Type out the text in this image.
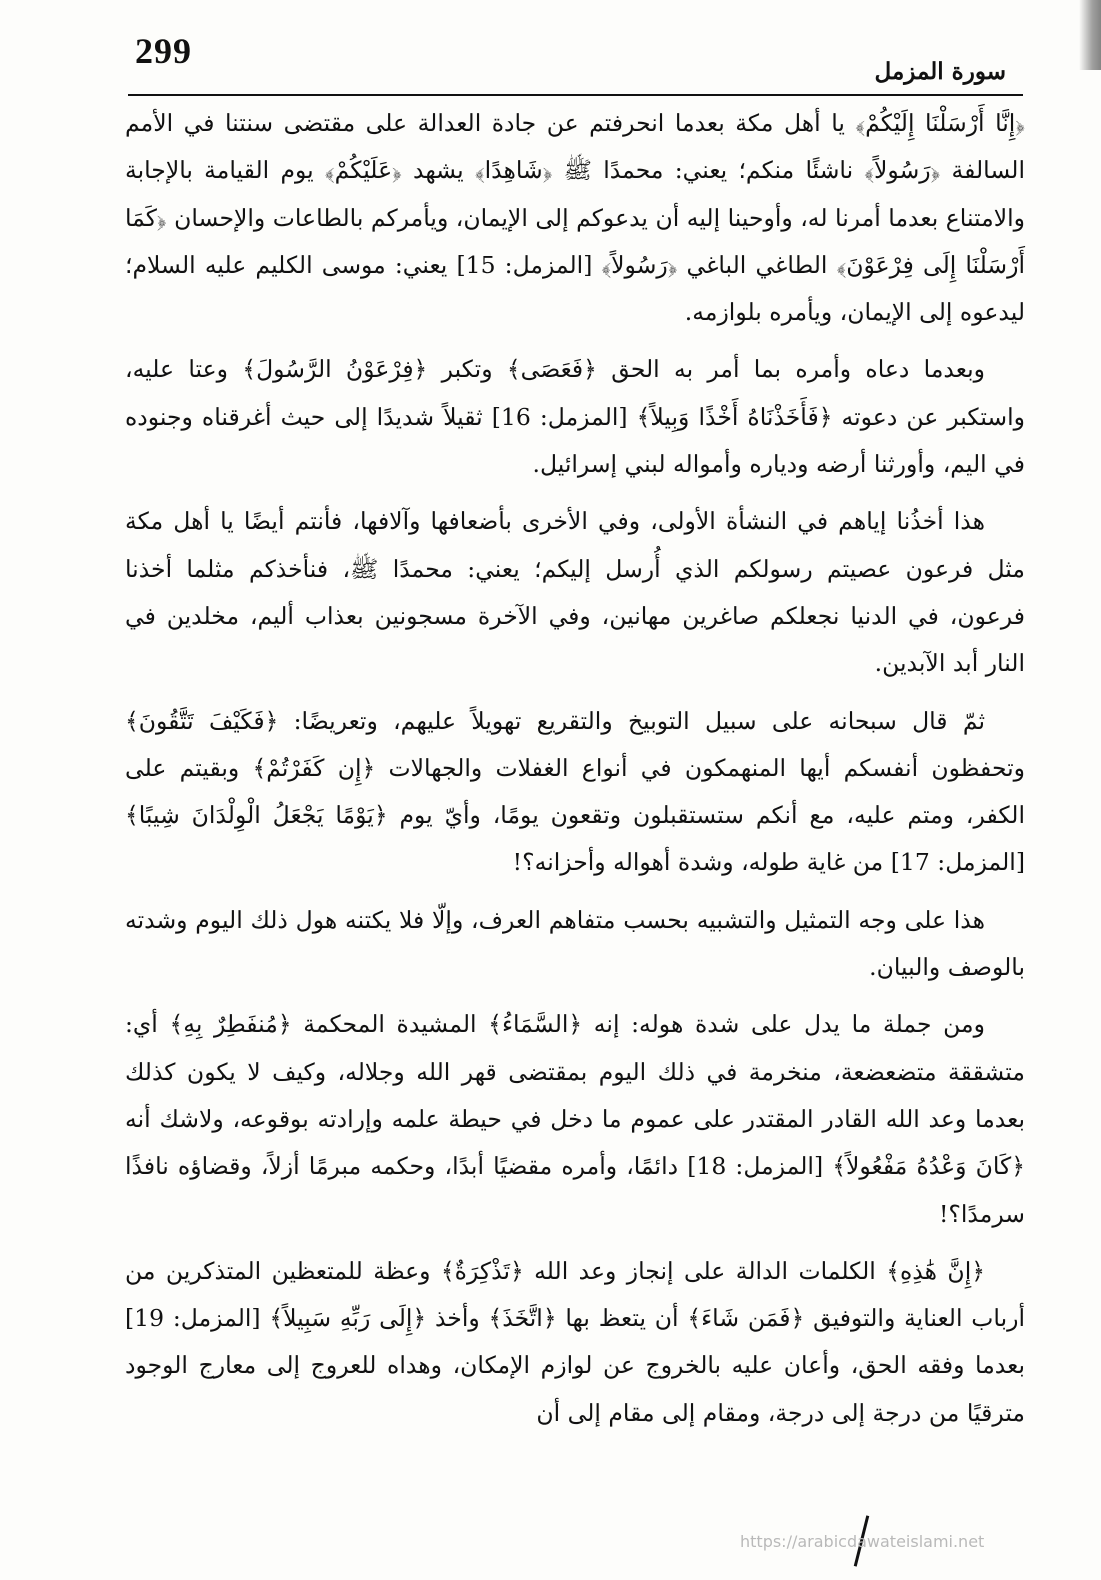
299
سورة المزمل

﴿إِنَّا أَرْسَلْنَا إِلَيْكُمْ﴾ يا أهل مكة بعدما انحرفتم عن جادة العدالة على مقتضى سنتنا في الأمم السالفة ﴿رَسُولاً﴾ ناشئًا منكم؛ يعني: محمدًا ﷺ ﴿شَاهِدًا﴾ يشهد ﴿عَلَيْكُمْ﴾ يوم القيامة بالإجابة والامتناع بعدما أمرنا له، وأوحينا إليه أن يدعوكم إلى الإيمان، ويأمركم بالطاعات والإحسان ﴿كَمَا أَرْسَلْنَا إِلَى فِرْعَوْنَ﴾ الطاغي الباغي ﴿رَسُولاً﴾ [المزمل: 15] يعني: موسى الكليم عليه السلام؛ ليدعوه إلى الإيمان، ويأمره بلوازمه.

وبعدما دعاه وأمره بما أمر به الحق ﴿فَعَصَى﴾ وتكبر ﴿فِرْعَوْنُ الرَّسُولَ﴾ وعتا عليه، واستكبر عن دعوته ﴿فَأَخَذْنَاهُ أَخْذًا وَبِيلاً﴾ [المزمل: 16] ثقيلاً شديدًا إلى حيث أغرقناه وجنوده في اليم، وأورثنا أرضه ودياره وأمواله لبني إسرائيل.

هذا أخذُنا إياهم في النشأة الأولى، وفي الأخرى بأضعافها وآلافها، فأنتم أيضًا يا أهل مكة مثل فرعون عصيتم رسولكم الذي أُرسل إليكم؛ يعني: محمدًا ﷺ، فنأخذكم مثلما أخذنا فرعون، في الدنيا نجعلكم صاغرين مهانين، وفي الآخرة مسجونين بعذاب أليم، مخلدين في النار أبد الآبدين.

ثمّ قال سبحانه على سبيل التوبيخ والتقريع تهويلاً عليهم، وتعريضًا: ﴿فَكَيْفَ تَتَّقُونَ﴾ وتحفظون أنفسكم أيها المنهمكون في أنواع الغفلات والجهالات ﴿إِن كَفَرْتُمْ﴾ وبقيتم على الكفر، ومتم عليه، مع أنكم ستستقبلون وتقعون يومًا، وأيّ يوم ﴿يَوْمًا يَجْعَلُ الْوِلْدَانَ شِيبًا﴾ [المزمل: 17] من غاية طوله، وشدة أهواله وأحزانه؟!

هذا على وجه التمثيل والتشبيه بحسب متفاهم العرف، وإلّا فلا يكتنه هول ذلك اليوم وشدته بالوصف والبيان.

ومن جملة ما يدل على شدة هوله: إنه ﴿السَّمَاءُ﴾ المشيدة المحكمة ﴿مُنفَطِرٌ بِهِ﴾ أي: متشققة متضعضعة، منخرمة في ذلك اليوم بمقتضى قهر الله وجلاله، وكيف لا يكون كذلك بعدما وعد الله القادر المقتدر على عموم ما دخل في حيطة علمه وإرادته بوقوعه، ولاشك أنه ﴿كَانَ وَعْدُهُ مَفْعُولاً﴾ [المزمل: 18] دائمًا، وأمره مقضيًا أبدًا، وحكمه مبرمًا أزلاً، وقضاؤه نافذًا سرمدًا؟!

﴿إِنَّ هَٰذِهِ﴾ الكلمات الدالة على إنجاز وعد الله ﴿تَذْكِرَةٌ﴾ وعظة للمتعظين المتذكرين من أرباب العناية والتوفيق ﴿فَمَن شَاءَ﴾ أن يتعظ بها ﴿اتَّخَذَ﴾ وأخذ ﴿إِلَى رَبِّهِ سَبِيلاً﴾ [المزمل: 19] بعدما وفقه الحق، وأعان عليه بالخروج عن لوازم الإمكان، وهداه للعروج إلى معارج الوجود مترقيًا من درجة إلى درجة، ومقام إلى مقام إلى أن

https://arabicdawateislami.net
